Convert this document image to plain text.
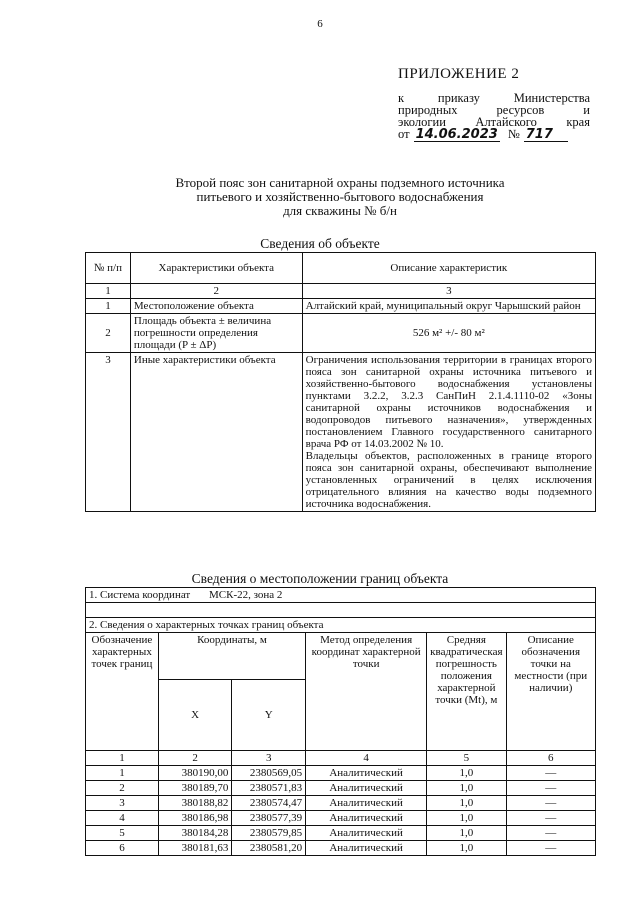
6
ПРИЛОЖЕНИЕ 2
к приказу Министерства
природных ресурсов и
экологии Алтайского края
от 14.06.2023 № 717
Второй пояс зон санитарной охраны подземного источника
питьевого и хозяйственно-бытового водоснабжения
для скважины № б/н
Сведения об объекте
№ п/п	Характеристики объекта	Описание характеристик
1	2	3
1	Местоположение объекта	Алтайский край, муниципальный округ Чарышский район
2	Площадь объекта ± величина погрешности определения площади (P ± ΔP)	526 м² +/- 80 м²
3	Иные характеристики объекта	Ограничения использования территории в границах второго пояса зон санитарной охраны источника питьевого и хозяйственно-бытового водоснабжения установлены пунктами 3.2.2, 3.2.3 СанПиН 2.1.4.1110-02 «Зоны санитарной охраны источников водоснабжения и водопроводов питьевого назначения», утвержденных постановлением Главного государственного санитарного врача РФ от 14.03.2002 № 10.
Владельцы объектов, расположенных в границе второго пояса зон санитарной охраны, обеспечивают выполнение установленных ограничений в целях исключения отрицательного влияния на качество воды подземного источника водоснабжения.
Сведения о местоположении границ объекта
1. Система координат МСК-22, зона 2					

2. Сведения о характерных точках границ объекта					
Обозначение характерных точек границ	Координаты, м		Метод определения координат характерной точки	Средняя квадратическая погрешность положения характерной точки (Mt), м	Описание обозначения точки на местности (при наличии)
	X	Y			
1	2	3	4	5	6
1	380190,00	2380569,05	Аналитический	1,0	—
2	380189,70	2380571,83	Аналитический	1,0	—
3	380188,82	2380574,47	Аналитический	1,0	—
4	380186,98	2380577,39	Аналитический	1,0	—
5	380184,28	2380579,85	Аналитический	1,0	—
6	380181,63	2380581,20	Аналитический	1,0	—
